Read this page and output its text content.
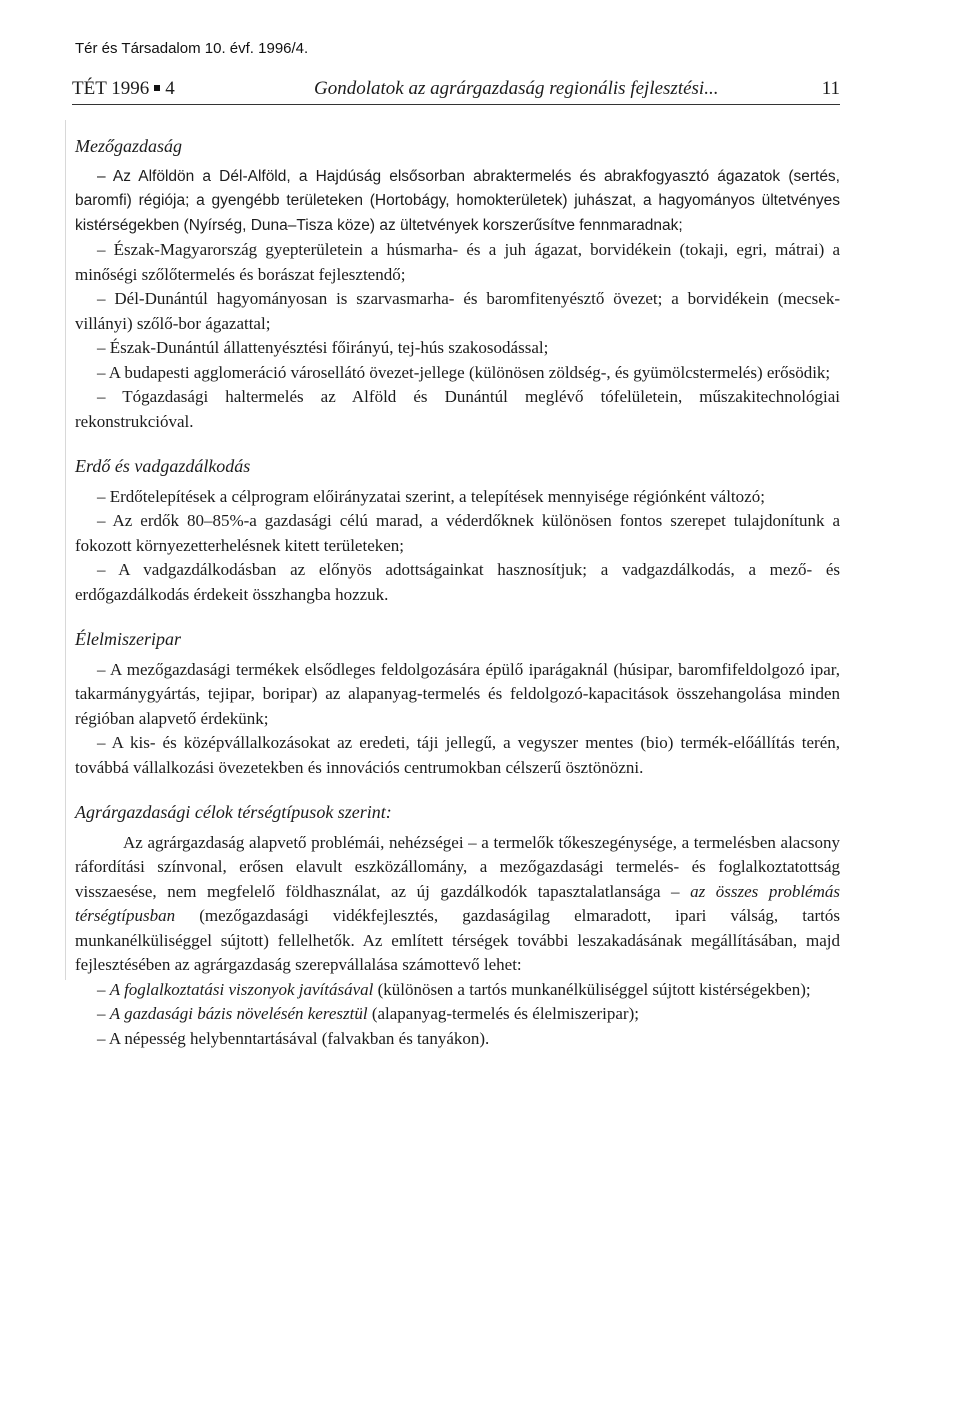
Tér és Társadalom 10. évf. 1996/4.
TÉT 1996 4	Gondolatok az agrárgazdaság regionális fejlesztési...	11

Mezőgazdaság

– Az Alföldön a Dél-Alföld, a Hajdúság elsősorban abraktermelés és abrakfogyasztó ágazatok (sertés, baromfi) régiója; a gyengébb területeken (Hortobágy, homokterületek) juhászat, a hagyományos ültetvényes kistérségekben (Nyírség, Duna–Tisza köze) az ültetvények korszerűsítve fennmaradnak;

– Észak-Magyarország gyepterületein a húsmarha- és a juh ágazat, borvidékein (tokaji, egri, mátrai) a minőségi szőlőtermelés és borászat fejlesztendő;

– Dél-Dunántúl hagyományosan is szarvasmarha- és baromfitenyésztő övezet; a borvidékein (mecsek-villányi) szőlő-bor ágazattal;

– Észak-Dunántúl állattenyésztési főirányú, tej-hús szakosodással;

– A budapesti agglomeráció városellátó övezet-jellege (különösen zöldség-, és gyümölcstermelés) erősödik;

– Tógazdasági haltermelés az Alföld és Dunántúl meglévő tófelületein, műszakitechnológiai rekonstrukcióval.

Erdő és vadgazdálkodás

– Erdőtelepítések a célprogram előirányzatai szerint, a telepítések mennyisége régiónként változó;

– Az erdők 80–85%-a gazdasági célú marad, a véderdőknek különösen fontos szerepet tulajdonítunk a fokozott környezetterhelésnek kitett területeken;

– A vadgazdálkodásban az előnyös adottságainkat hasznosítjuk; a vadgazdálkodás, a mező- és erdőgazdálkodás érdekeit összhangba hozzuk.

Élelmiszeripar

– A mezőgazdasági termékek elsődleges feldolgozására épülő iparágaknál (húsipar, baromfifeldolgozó ipar, takarmánygyártás, tejipar, boripar) az alapanyag-termelés és feldolgozó-kapacitások összehangolása minden régióban alapvető érdekünk;

– A kis- és középvállalkozásokat az eredeti, táji jellegű, a vegyszer mentes (bio) termék-előállítás terén, továbbá vállalkozási övezetekben és innovációs centrumokban célszerű ösztönözni.

Agrárgazdasági célok térségtípusok szerint:

Az agrárgazdaság alapvető problémái, nehézségei – a termelők tőkeszegénysége, a termelésben alacsony ráfordítási színvonal, erősen elavult eszközállomány, a mezőgazdasági termelés- és foglalkoztatottság visszaesése, nem megfelelő földhasználat, az új gazdálkodók tapasztalatlansága – az összes problémás térségtípusban (mezőgazdasági vidékfejlesztés, gazdaságilag elmaradott, ipari válság, tartós munkanélküliséggel sújtott) fellelhetők. Az említett térségek további leszakadásának megállításában, majd fejlesztésében az agrárgazdaság szerepvállalása számottevő lehet:

– A foglalkoztatási viszonyok javításával (különösen a tartós munkanélküliséggel sújtott kistérségekben);

– A gazdasági bázis növelésén keresztül (alapanyag-termelés és élelmiszeripar);

– A népesség helybenntartásával (falvakban és tanyákon).
